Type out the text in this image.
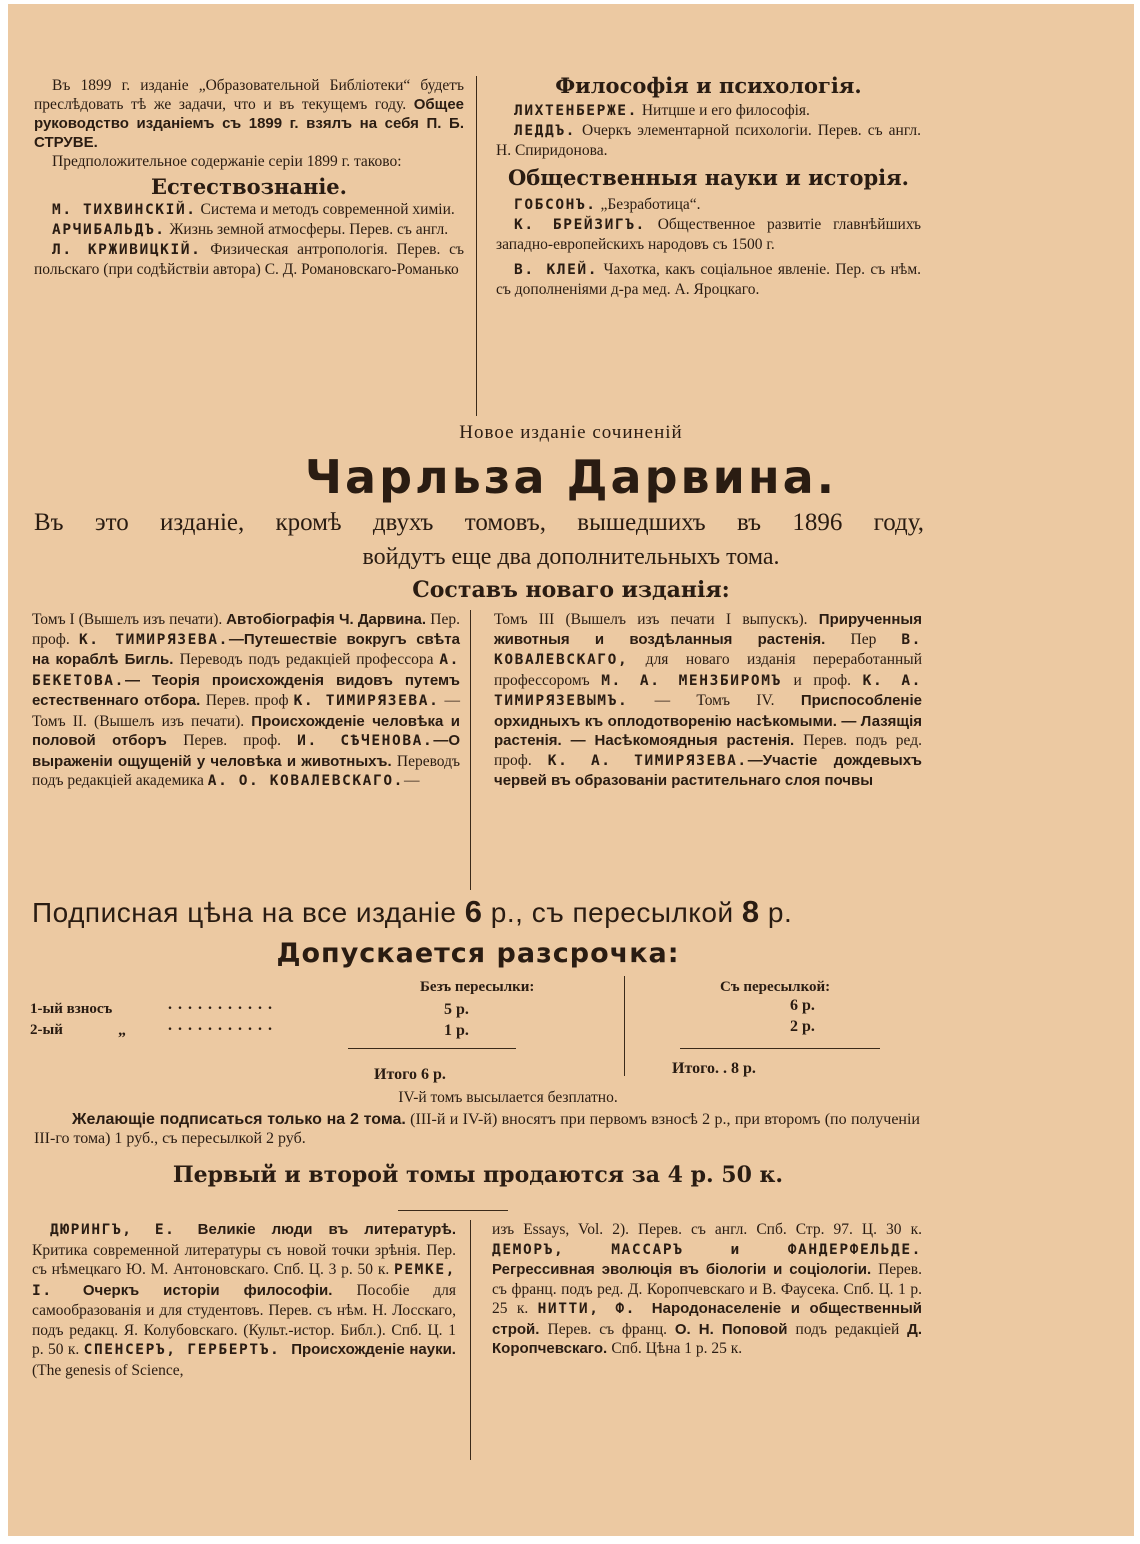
Въ 1899 г. изданіе „Образовательной Библіотеки“ будетъ преслѣдовать тѣ же задачи, что и въ текущемъ году. Общее руководство изданіемъ съ 1899 г. взялъ на себя П. Б. СТРУВЕ.

Предположительное содержаніе серіи 1899 г. таково:

Естествознаніе.

М. ТИХВИНСКІЙ. Система и методъ современной химіи.

АРЧИБАЛЬДЪ. Жизнь земной атмосферы. Перев. съ англ.

Л. КРЖИВИЦКІЙ. Физическая антропологія. Перев. съ польскаго (при содѣйствіи автора) С. Д. Романовскаго-Романько

Философія и психологія.

ЛИХТЕНБЕРЖЕ. Нитцше и его философія.

ЛЕДДЪ. Очеркъ элементарной психологіи. Перев. съ англ. Н. Спиридонова.

Общественныя науки и исторія.

ГОБСОНЪ. „Безработица“.

К. БРЕЙЗИГЪ. Общественное развитіе главнѣйшихъ западно-европейскихъ народовъ съ 1500 г.

В. КЛЕЙ. Чахотка, какъ соціальное явленіе. Пер. съ нѣм. съ дополненіями д-ра мед. А. Яроцкаго.

Новое изданіе сочиненій
Чарльза Дарвина.
Въ это изданіе, кромѣ двухъ томовъ, вышедшихъ въ 1896 году,
войдутъ еще два дополнительныхъ тома.
Составъ новаго изданія:

Томъ I (Вышелъ изъ печати). Автобіографія Ч. Дарвина. Пер. проф. К. ТИМИРЯЗЕВА.—Путешествіе вокругъ свѣта на кораблѣ Бигль. Переводъ подъ редакціей профессора А. БЕКЕТОВА.— Теорія происхожденія видовъ путемъ естественнаго отбора. Перев. проф К. ТИМИРЯЗЕВА. — Томъ II. (Вышелъ изъ печати). Происхожденіе человѣка и половой отборъ Перев. проф. И. СѢЧЕНОВА.—О выраженіи ощущеній у человѣка и животныхъ. Переводъ подъ редакціей академика А. О. КОВАЛЕВСКАГО.—

Томъ III (Вышелъ изъ печати I выпускъ). Прирученныя животныя и воздѣланныя растенія. Пер В. КОВАЛЕВСКАГО, для новаго изданія переработанный профессоромъ М. А. МЕНЗБИРОМЪ и проф. К. А. ТИМИРЯЗЕВЫМЪ. — Томъ IV. Приспособленіе орхидныхъ къ оплодотворенію насѣкомыми. — Лазящія растенія. — Насѣкомоядныя растенія. Перев. подъ ред. проф. К. А. ТИМИРЯЗЕВА.—Участіе дождевыхъ червей въ образованіи растительнаго слоя почвы

Подписная цѣна на все изданіе 6 р., съ пересылкой 8 р.
Допускается разсрочка:
Безъ пересылки:	Съ пересылкой:
1-ый взносъ	...........	5 р.	6 р.
2-ый	„	...........	1 р.	2 р.
Итого 6 р.	Итого. . 8 р.
IV-й томъ высылается безплатно.
Желающіе подписаться только на 2 тома. (III-й и IV-й) вносятъ при первомъ взносѣ 2 р., при второмъ (по полученіи III-го тома) 1 руб., съ пересылкой 2 руб.
Первый и второй томы продаются за 4 р. 50 к.

ДЮРИНГЪ, Е. Великіе люди въ литературѣ. Критика современной литературы съ новой точки зрѣнія. Пер. съ нѣмецкаго Ю. М. Антоновскаго. Спб. Ц. 3 р. 50 к. РЕМКЕ, I. Очеркъ исторіи философіи. Пособіе для самообразованія и для студентовъ. Перев. съ нѣм. Н. Лосскаго, подъ редакц. Я. Колубовскаго. (Культ.-истор. Библ.). Спб. Ц. 1 р. 50 к. СПЕНСЕРЪ, ГЕРБЕРТЪ. Происхожденіе науки. (The genesis of Science,

изъ Essays, Vol. 2). Перев. съ англ. Спб. Стр. 97. Ц. 30 к. ДЕМОРЪ, МАССАРЪ и ФАНДЕРФЕЛЬДЕ. Регрессивная эволюція въ біологіи и соціологіи. Перев. съ франц. подъ ред. Д. Коропчевскаго и В. Фаусека. Спб. Ц. 1 р. 25 к. НИТТИ, Ф. Народонаселеніе и общественный строй. Перев. съ франц. О. Н. Поповой подъ редакціей Д. Коропчевскаго. Спб. Цѣна 1 р. 25 к.
